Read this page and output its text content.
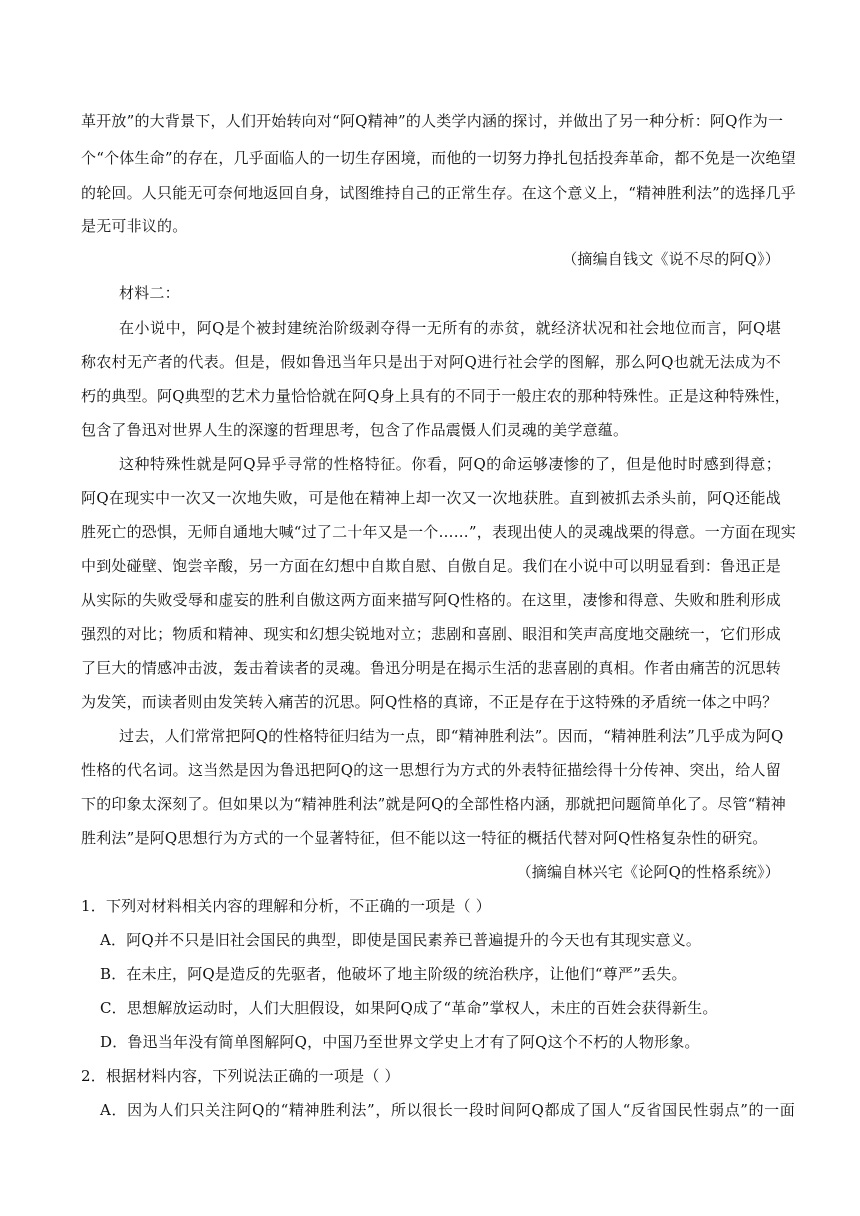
革开放”的大背景下，人们开始转向对“阿Q精神”的人类学内涵的探讨，并做出了另一种分析：阿Q作为一
个“个体生命”的存在，几乎面临人的一切生存困境，而他的一切努力挣扎包括投奔革命，都不免是一次绝望
的轮回。人只能无可奈何地返回自身，试图维持自己的正常生存。在这个意义上，“精神胜利法”的选择几乎
是无可非议的。
（摘编自钱文《说不尽的阿Q》）
材料二：
在小说中，阿Q是个被封建统治阶级剥夺得一无所有的赤贫，就经济状况和社会地位而言，阿Q堪
称农村无产者的代表。但是，假如鲁迅当年只是出于对阿Q进行社会学的图解，那么阿Q也就无法成为不
朽的典型。阿Q典型的艺术力量恰恰就在阿Q身上具有的不同于一般庄农的那种特殊性。正是这种特殊性，
包含了鲁迅对世界人生的深邃的哲理思考，包含了作品震慑人们灵魂的美学意蕴。
这种特殊性就是阿Q异乎寻常的性格特征。你看，阿Q的命运够凄惨的了，但是他时时感到得意；
阿Q在现实中一次又一次地失败，可是他在精神上却一次又一次地获胜。直到被抓去杀头前，阿Q还能战
胜死亡的恐惧，无师自通地大喊“过了二十年又是一个……”，表现出使人的灵魂战栗的得意。一方面在现实
中到处碰壁、饱尝辛酸，另一方面在幻想中自欺自慰、自傲自足。我们在小说中可以明显看到：鲁迅正是
从实际的失败受辱和虚妄的胜利自傲这两方面来描写阿Q性格的。在这里，凄惨和得意、失败和胜利形成
强烈的对比；物质和精神、现实和幻想尖锐地对立；悲剧和喜剧、眼泪和笑声高度地交融统一，它们形成
了巨大的情感冲击波，轰击着读者的灵魂。鲁迅分明是在揭示生活的悲喜剧的真相。作者由痛苦的沉思转
为发笑，而读者则由发笑转入痛苦的沉思。阿Q性格的真谛，不正是存在于这特殊的矛盾统一体之中吗？
过去，人们常常把阿Q的性格特征归结为一点，即“精神胜利法”。因而，“精神胜利法”几乎成为阿Q
性格的代名词。这当然是因为鲁迅把阿Q的这一思想行为方式的外表特征描绘得十分传神、突出，给人留
下的印象太深刻了。但如果以为“精神胜利法”就是阿Q的全部性格内涵，那就把问题简单化了。尽管“精神
胜利法”是阿Q思想行为方式的一个显著特征，但不能以这一特征的概括代替对阿Q性格复杂性的研究。
（摘编自林兴宅《论阿Q的性格系统》）
1．下列对材料相关内容的理解和分析，不正确的一项是（ ）
A．阿Q并不只是旧社会国民的典型，即使是国民素养已普遍提升的今天也有其现实意义。
B．在未庄，阿Q是造反的先驱者，他破坏了地主阶级的统治秩序，让他们“尊严”丢失。
C．思想解放运动时，人们大胆假设，如果阿Q成了“革命”掌权人，未庄的百姓会获得新生。
D．鲁迅当年没有简单图解阿Q，中国乃至世界文学史上才有了阿Q这个不朽的人物形象。
2．根据材料内容，下列说法正确的一项是（ ）
A．因为人们只关注阿Q的“精神胜利法”，所以很长一段时间阿Q都成了国人“反省国民性弱点”的一面
